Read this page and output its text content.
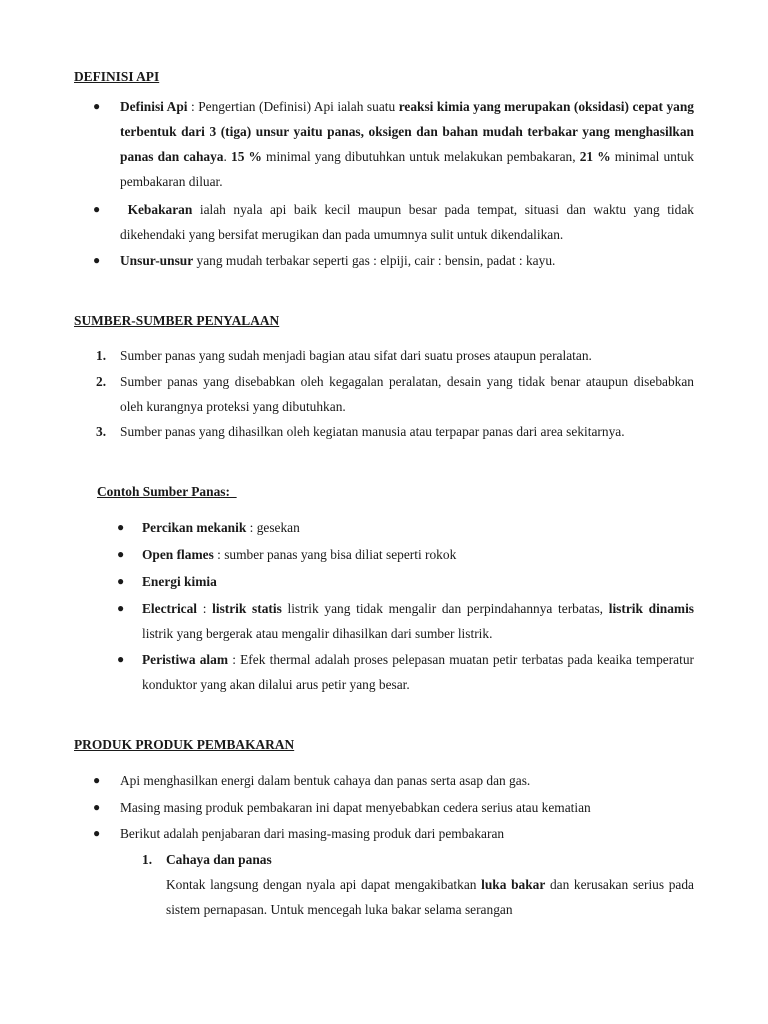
DEFINISI API
● Definisi Api : Pengertian (Definisi) Api ialah suatu reaksi kimia yang merupakan (oksidasi) cepat yang terbentuk dari 3 (tiga) unsur yaitu panas, oksigen dan bahan mudah terbakar yang menghasilkan panas dan cahaya. 15 % minimal yang dibutuhkan untuk melakukan pembakaran, 21 % minimal untuk pembakaran diluar.

●	Kebakaran ialah nyala api baik kecil maupun besar pada tempat, situasi dan waktu yang tidak dikehendaki yang bersifat merugikan dan pada umumnya sulit untuk dikendalikan.

● Unsur-unsur yang mudah terbakar seperti gas : elpiji, cair : bensin, padat : kayu.

SUMBER-SUMBER PENYALAAN
1. Sumber panas yang sudah menjadi bagian atau sifat dari suatu proses ataupun peralatan.

2. Sumber panas yang disebabkan oleh kegagalan peralatan, desain yang tidak benar ataupun disebabkan oleh kurangnya proteksi yang dibutuhkan.

3. Sumber panas yang dihasilkan oleh kegiatan manusia atau terpapar panas dari area sekitarnya.

Contoh Sumber Panas:
● Percikan mekanik : gesekan

● Open flames : sumber panas yang bisa diliat seperti rokok

● Energi kimia

● Electrical : listrik statis listrik yang tidak mengalir dan perpindahannya terbatas, listrik dinamis listrik yang bergerak atau mengalir dihasilkan dari sumber listrik.

● Peristiwa alam : Efek thermal adalah proses pelepasan muatan petir terbatas pada keaika temperatur konduktor yang akan dilalui arus petir yang besar.

PRODUK PRODUK PEMBAKARAN
● Api menghasilkan energi dalam bentuk cahaya dan panas serta asap dan gas.

● Masing masing produk pembakaran ini dapat menyebabkan cedera serius atau kematian

● Berikut adalah penjabaran dari masing-masing produk dari pembakaran

1. Cahaya dan panas

Kontak langsung dengan nyala api dapat mengakibatkan luka bakar dan kerusakan serius pada sistem pernapasan. Untuk mencegah luka bakar selama serangan
